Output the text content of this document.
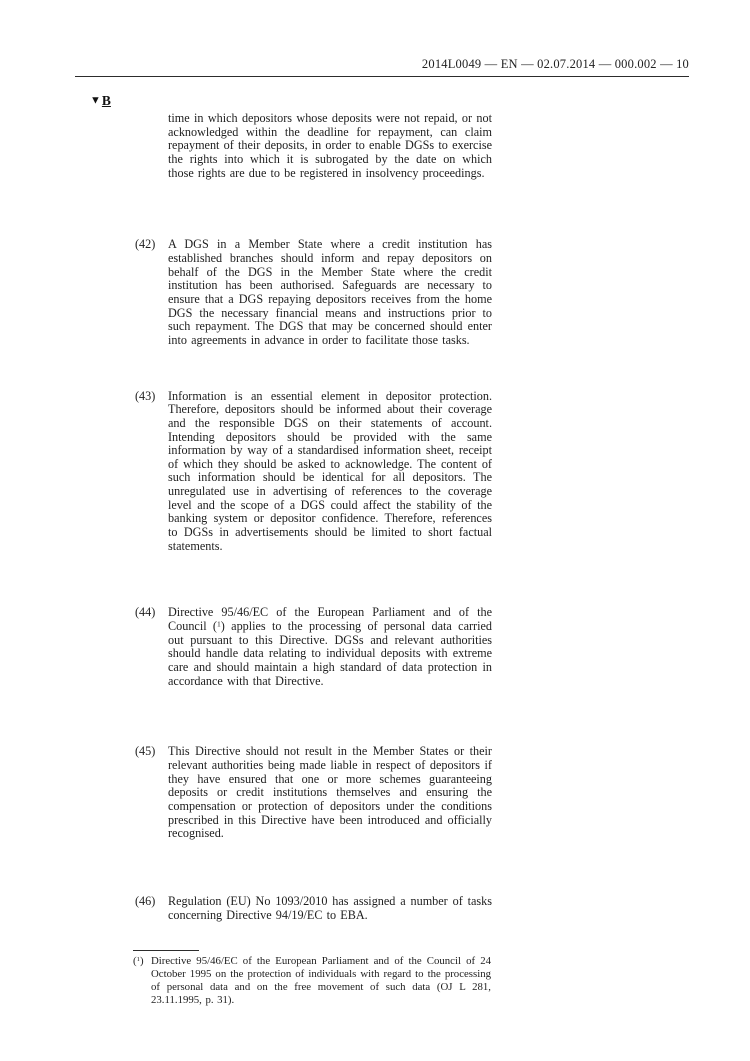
2014L0049 — EN — 02.07.2014 — 000.002 — 10
▼B
time in which depositors whose deposits were not repaid, or not acknowledged within the deadline for repayment, can claim repayment of their deposits, in order to enable DGSs to exercise the rights into which it is subrogated by the date on which those rights are due to be registered in insolvency proceedings.
(42) A DGS in a Member State where a credit institution has established branches should inform and repay depositors on behalf of the DGS in the Member State where the credit institution has been authorised. Safeguards are necessary to ensure that a DGS repaying depositors receives from the home DGS the necessary financial means and instructions prior to such repayment. The DGS that may be concerned should enter into agreements in advance in order to facilitate those tasks.
(43) Information is an essential element in depositor protection. Therefore, depositors should be informed about their coverage and the responsible DGS on their statements of account. Intending depositors should be provided with the same information by way of a standardised information sheet, receipt of which they should be asked to acknowledge. The content of such information should be identical for all depositors. The unregulated use in advertising of references to the coverage level and the scope of a DGS could affect the stability of the banking system or depositor confidence. Therefore, references to DGSs in advertisements should be limited to short factual statements.
(44) Directive 95/46/EC of the European Parliament and of the Council ( $^1$ ) applies to the processing of personal data carried out pursuant to this Directive. DGSs and relevant authorities should handle data relating to individual deposits with extreme care and should maintain a high standard of data protection in accordance with that Directive.
(45) This Directive should not result in the Member States or their relevant authorities being made liable in respect of depositors if they have ensured that one or more schemes guaranteeing deposits or credit institutions themselves and ensuring the compensation or protection of depositors under the conditions prescribed in this Directive have been introduced and officially recognised.
(46) Regulation (EU) No 1093/2010 has assigned a number of tasks concerning Directive 94/19/EC to EBA.
( $^1$ )	Directive 95/46/EC of the European Parliament and of the Council of 24 October 1995 on the protection of individuals with regard to the processing of personal data and on the free movement of such data (OJ L 281, 23.11.1995, p. 31).
